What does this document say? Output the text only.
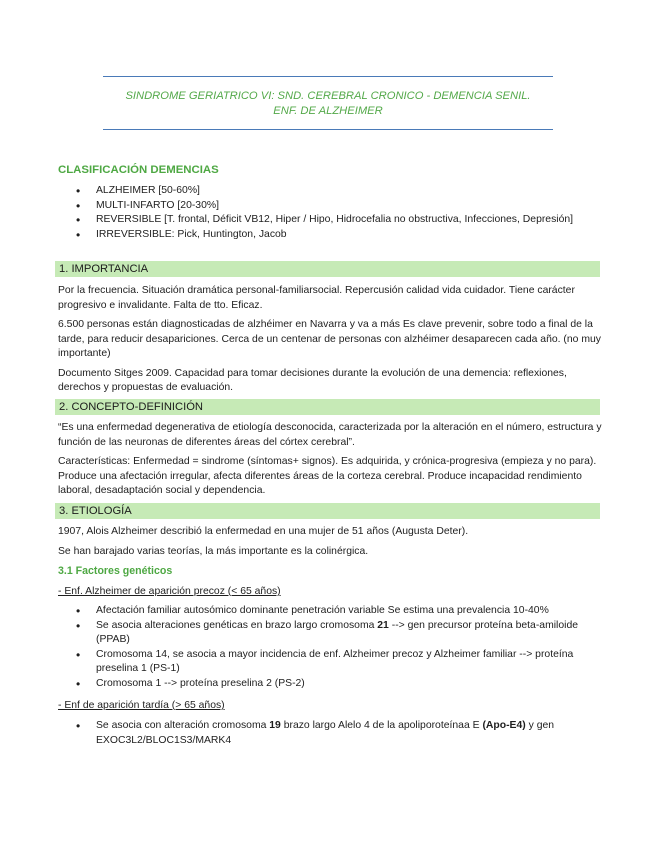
SINDROME GERIATRICO VI: SND. CEREBRAL CRONICO - DEMENCIA SENIL.
ENF. DE ALZHEIMER
CLASIFICACIÓN DEMENCIAS
• ALZHEIMER [50-60%]
• MULTI-INFARTO [20-30%]
• REVERSIBLE [T. frontal, Déficit VB12, Hiper / Hipo, Hidrocefalia no obstructiva, Infecciones, Depresión]
• IRREVERSIBLE: Pick, Huntington, Jacob
1. IMPORTANCIA

Por la frecuencia. Situación dramática personal-familiarsocial. Repercusión calidad vida cuidador. Tiene carácter progresivo e invalidante. Falta de tto. Eficaz.

6.500 personas están diagnosticadas de alzhéimer en Navarra y va a más Es clave prevenir, sobre todo a final de la tarde, para reducir desapariciones. Cerca de un centenar de personas con alzhéimer desaparecen cada año. (no muy importante)

Documento Sitges 2009. Capacidad para tomar decisiones durante la evolución de una demencia: reflexiones, derechos y propuestas de evaluación.

2. CONCEPTO-DEFINICIÓN

“Es una enfermedad degenerativa de etiología desconocida, caracterizada por la alteración en el número, estructura y función de las neuronas de diferentes áreas del córtex cerebral”.

Características: Enfermedad = sindrome (síntomas+ signos). Es adquirida, y crónica-progresiva (empieza y no para). Produce una afectación irregular, afecta diferentes áreas de la corteza cerebral. Produce incapacidad rendimiento laboral, desadaptación social y dependencia.

3. ETIOLOGÍA

1907, Alois Alzheimer describió la enfermedad en una mujer de 51 años (Augusta Deter).

Se han barajado varias teorías, la más importante es la colinérgica.

3.1 Factores genéticos
- Enf. Alzheimer de aparición precoz (< 65 años)
• Afectación familiar autosómico dominante penetración variable Se estima una prevalencia 10-40%
• Se asocia alteraciones genéticas en brazo largo cromosoma 21 --> gen precursor proteína beta-amiloide (PPAB)
• Cromosoma 14, se asocia a mayor incidencia de enf. Alzheimer precoz y Alzheimer familiar --> proteína preselina 1 (PS-1)
• Cromosoma 1 --> proteína preselina 2 (PS-2)
- Enf de aparición tardía (> 65 años)
• Se asocia con alteración cromosoma 19 brazo largo Alelo 4 de la apoliporoteínaa E (Apo-E4) y gen EXOC3L2/BLOC1S3/MARK4
